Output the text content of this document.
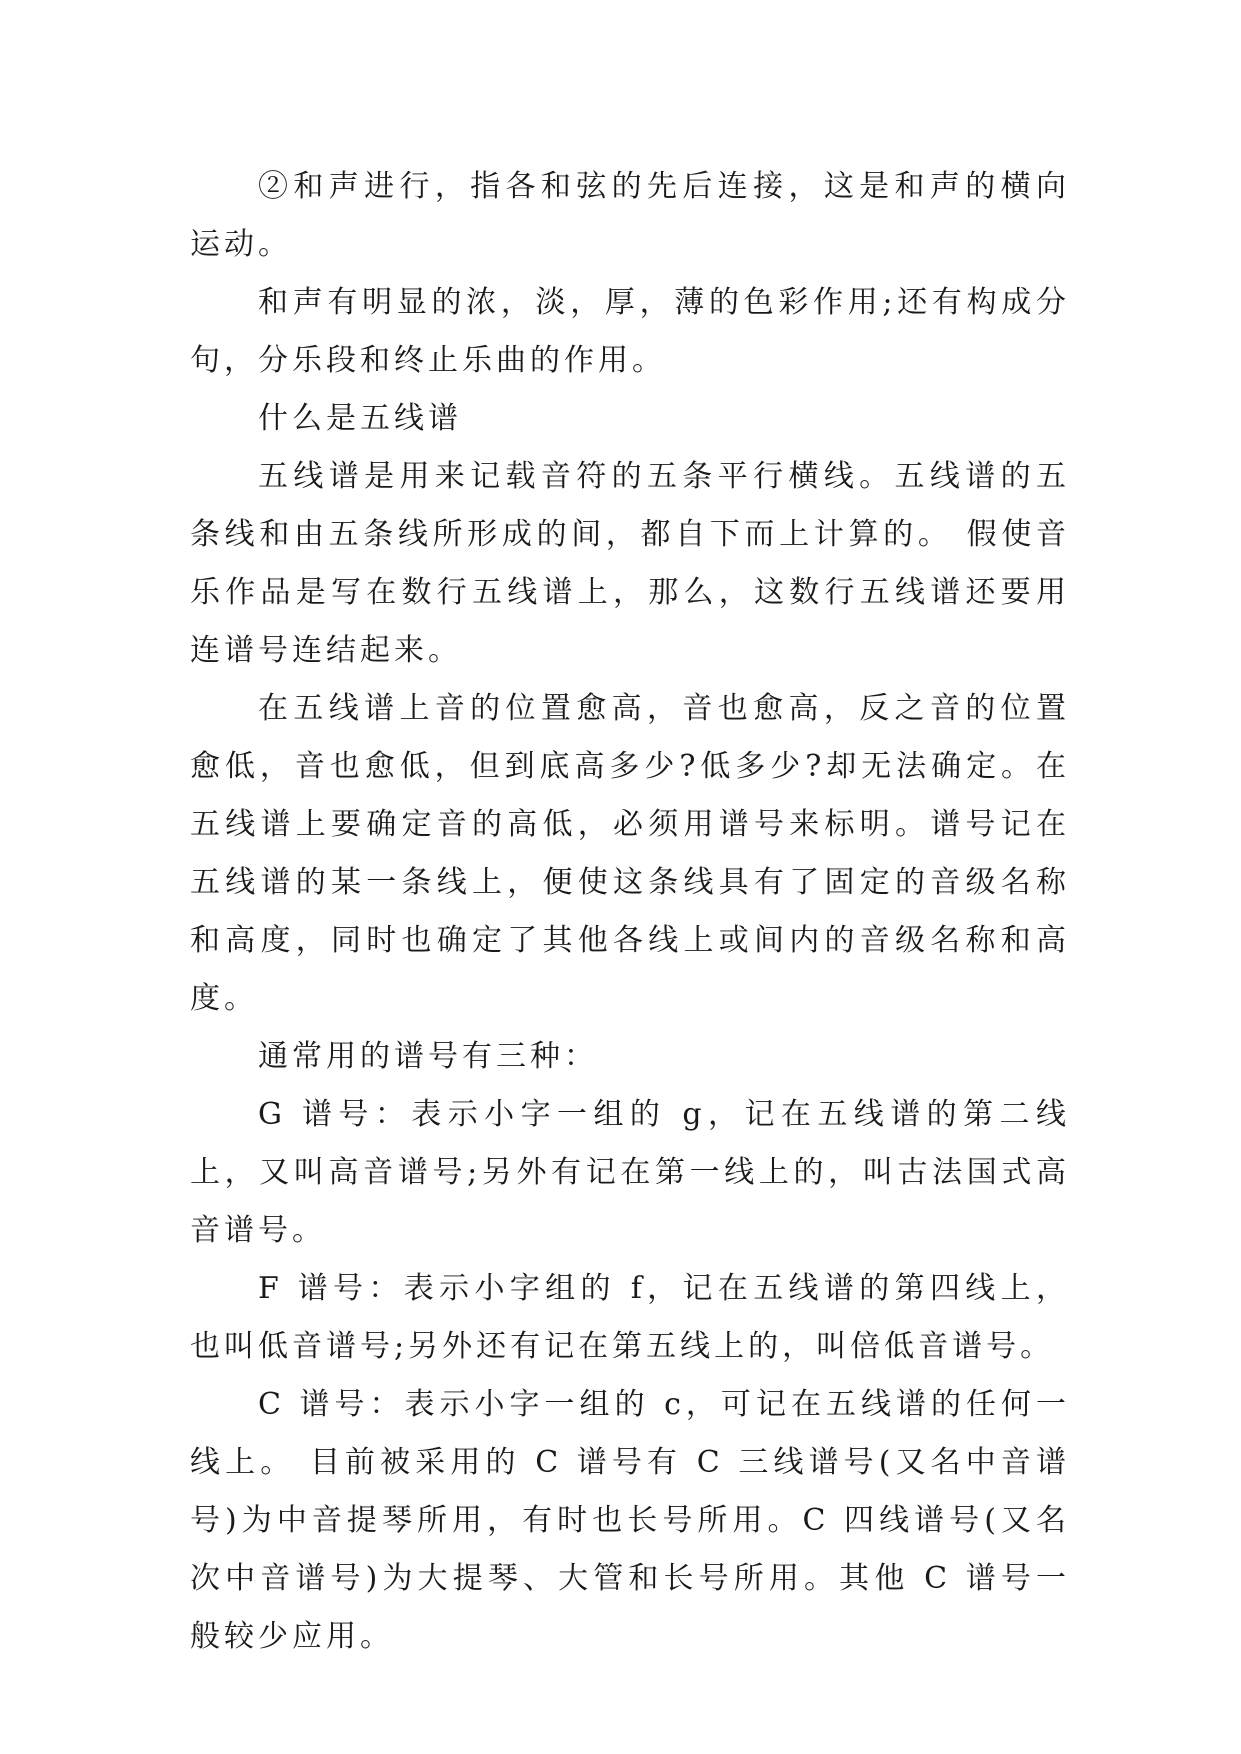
②和声进行，指各和弦的先后连接，这是和声的横向运动。

和声有明显的浓，淡，厚，薄的色彩作用;还有构成分句，分乐段和终止乐曲的作用。

什么是五线谱

五线谱是用来记载音符的五条平行横线。五线谱的五条线和由五条线所形成的间，都自下而上计算的。 假使音乐作品是写在数行五线谱上，那么，这数行五线谱还要用连谱号连结起来。

在五线谱上音的位置愈高，音也愈高，反之音的位置愈低，音也愈低，但到底高多少?低多少?却无法确定。在五线谱上要确定音的高低，必须用谱号来标明。谱号记在五线谱的某一条线上，便使这条线具有了固定的音级名称和高度，同时也确定了其他各线上或间内的音级名称和高度。

通常用的谱号有三种：

G 谱号：表示小字一组的 g，记在五线谱的第二线上，又叫高音谱号;另外有记在第一线上的，叫古法国式高音谱号。

F 谱号：表示小字组的 f，记在五线谱的第四线上，也叫低音谱号;另外还有记在第五线上的，叫倍低音谱号。

C 谱号：表示小字一组的 c，可记在五线谱的任何一线上。 目前被采用的 C 谱号有 C 三线谱号(又名中音谱号)为中音提琴所用，有时也长号所用。C 四线谱号(又名次中音谱号)为大提琴、大管和长号所用。其他 C 谱号一般较少应用。
